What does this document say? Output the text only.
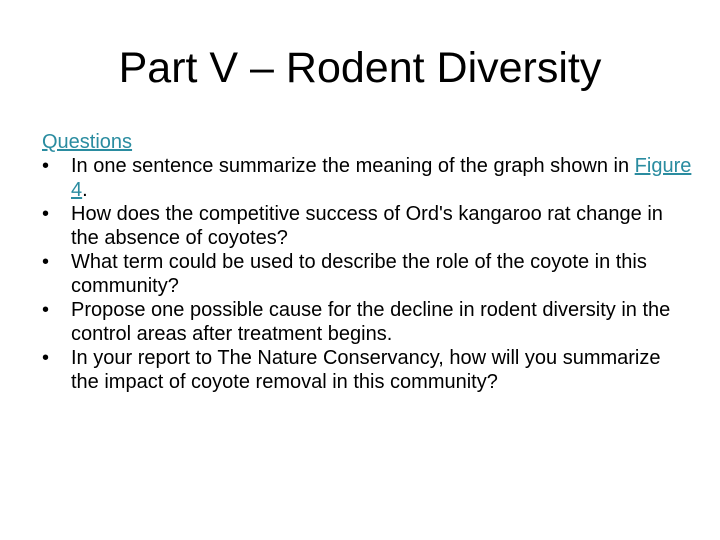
Part V – Rodent Diversity
Questions
• In one sentence summarize the meaning of the graph shown in Figure 4.
• How does the competitive success of Ord's kangaroo rat change in the absence of coyotes?
• What term could be used to describe the role of the coyote in this community?
• Propose one possible cause for the decline in rodent diversity in the control areas after treatment begins.
• In your report to The Nature Conservancy, how will you summarize the impact of coyote removal in this community?
